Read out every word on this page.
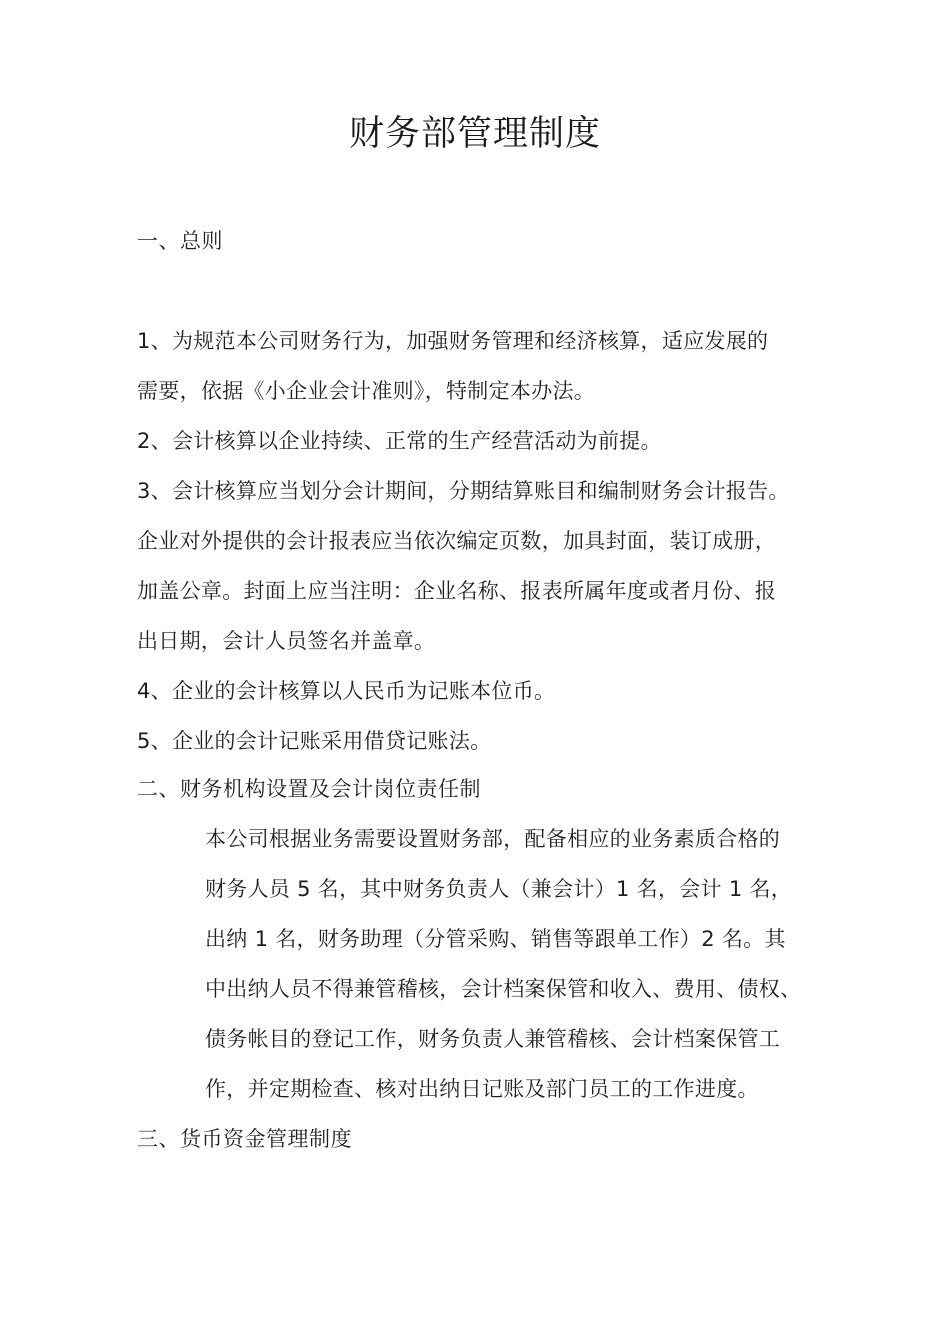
财务部管理制度
一、总则
1、为规范本公司财务行为，加强财务管理和经济核算，适应发展的
需要，依据《小企业会计准则》，特制定本办法。
2、会计核算以企业持续、正常的生产经营活动为前提。
3、会计核算应当划分会计期间，分期结算账目和编制财务会计报告。
企业对外提供的会计报表应当依次编定页数，加具封面，装订成册，
加盖公章。封面上应当注明：企业名称、报表所属年度或者月份、报
出日期，会计人员签名并盖章。
4、企业的会计核算以人民币为记账本位币。
5、企业的会计记账采用借贷记账法。
二、财务机构设置及会计岗位责任制
本公司根据业务需要设置财务部，配备相应的业务素质合格的
财务人员 5 名，其中财务负责人（兼会计）1 名，会计 1 名，
出纳 1 名，财务助理（分管采购、销售等跟单工作）2 名。其
中出纳人员不得兼管稽核，会计档案保管和收入、费用、债权、
债务帐目的登记工作，财务负责人兼管稽核、会计档案保管工
作，并定期检查、核对出纳日记账及部门员工的工作进度。
三、货币资金管理制度
